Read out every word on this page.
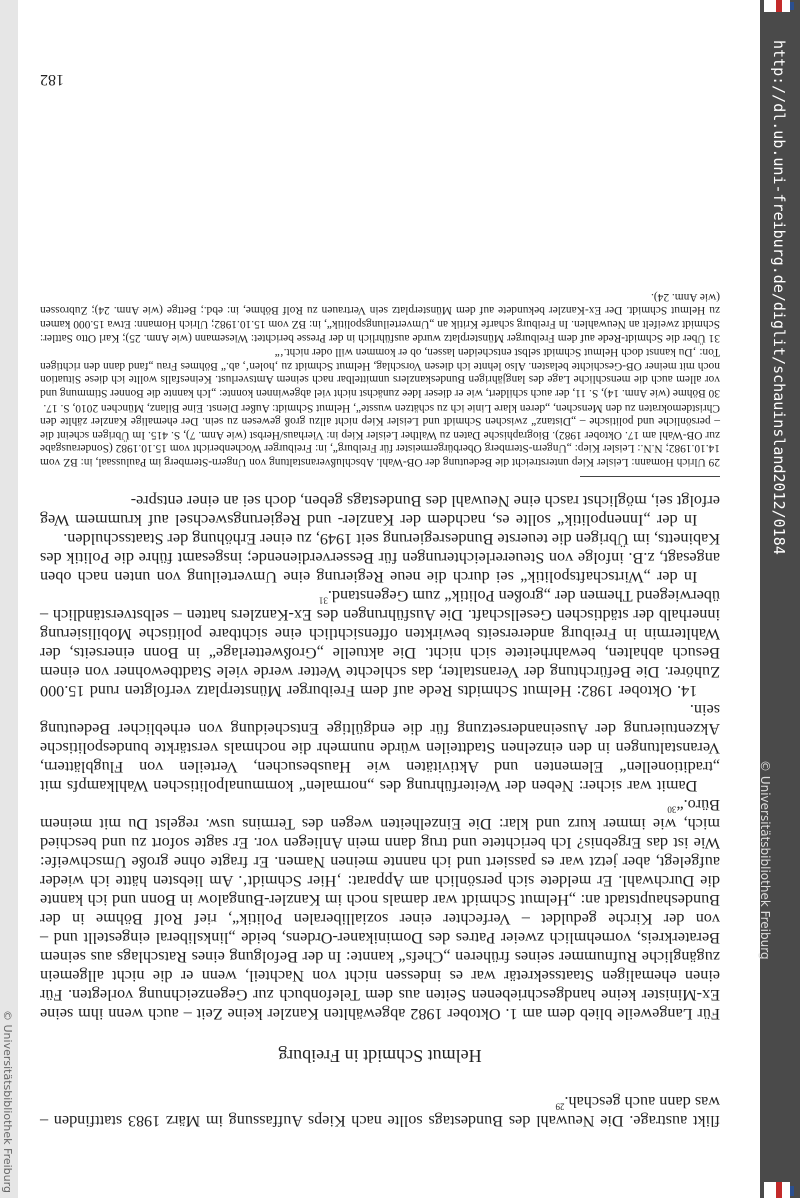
http://dl.ub.uni-freiburg.de/diglit/schauinsland2012/0184
© Universitätsbibliothek Freiburg
© Universitätsbibliothek Freiburg flikt austrage. Die Neuwahl des Bundestags sollte nach Kieps Auffassung im März 1983 stattfinden – was dann auch geschah.$^{29}$

Helmut Schmidt in Freiburg

Für Langeweile blieb dem am 1. Oktober 1982 abgewählten Kanzler keine Zeit – auch wenn ihm seine Ex-Minister keine handgeschriebenen Seiten aus dem Telefonbuch zur Gegenzeichnung vorlegten. Für einen ehemaligen Staatssekretär war es indessen nicht von Nachteil, wenn er die nicht allgemein zugängliche Rufnummer seines früheren „Chefs“ kannte: In der Befolgung eines Ratschlags aus seinem Beraterkreis, vornehmlich zweier Patres des Dominikaner-Ordens, beide „linksliberal eingestellt und – von der Kirche geduldet – Verfechter einer sozialliberalen Politik“, rief Rolf Böhme in der Bundeshauptstadt an: „Helmut Schmidt war damals noch im Kanzler-Bungalow in Bonn und ich kannte die Durchwahl. Er meldete sich persönlich am Apparat: ‚Hier Schmidt‘. Am liebsten hätte ich wieder aufgelegt, aber jetzt war es passiert und ich nannte meinen Namen. Er fragte ohne große Umschweife: Wie ist das Ergebnis? Ich berichtete und trug dann mein Anliegen vor. Er sagte sofort zu und beschied mich, wie immer kurz und klar: Die Einzelheiten wegen des Termins usw. regelst Du mit meinem Büro.“$^{30}$

Damit war sicher: Neben der Weiterführung des „normalen“ kommunalpolitischen Wahlkampfs mit „traditionellen“ Elementen und Aktivitäten wie Hausbesuchen, Verteilen von Flugblättern, Veranstaltungen in den einzelnen Stadtteilen würde nunmehr die nochmals verstärkte bundespolitische Akzentuierung der Auseinandersetzung für die endgültige Entscheidung von erheblicher Bedeutung sein.

14. Oktober 1982: Helmut Schmidts Rede auf dem Freiburger Münsterplatz verfolgten rund 15.000 Zuhörer. Die Befürchtung der Veranstalter, das schlechte Wetter werde viele Stadtbewohner von einem Besuch abhalten, bewahrheitete sich nicht. Die aktuelle „Großwetterlage“ in Bonn einerseits, der Wahltermin in Freiburg andererseits bewirkten offensichtlich eine sichtbare politische Mobilisierung innerhalb der städtischen Gesellschaft. Die Ausführungen des Ex-Kanzlers hatten – selbstverständlich – überwiegend Themen der „großen Politik“ zum Gegenstand.$^{31}$

In der „Wirtschaftspolitik“ sei durch die neue Regierung eine Umverteilung von unten nach oben angesagt, z.B. infolge von Steuererleichterungen für Besserverdienende; insgesamt führe die Politik des Kabinetts, im Übrigen die teuerste Bundesregierung seit 1949, zu einer Erhöhung der Staatsschulden.

In der „Innenpolitik“ sollte es, nachdem der Kanzler- und Regierungswechsel auf krummem Weg erfolgt sei, möglichst rasch eine Neuwahl des Bundestags geben, doch sei an einer entspre-

29 Ulrich Homann: Leisler Kiep unterstreicht die Bedeutung der OB-Wahl. Abschlußveranstaltung von Ungern-Sternberg im Paulussaal, in: BZ vom 14.10.1982; N.N.: Leisler Kiep: „Ungern-Sternberg Oberbürgermeister für Freiburg“, in: Freiburger Wochenbericht vom 15.10.1982 (Sonderausgabe zur OB-Wahl am 17. Oktober 1982). Biographische Daten zu Walther Leisler Kiep in: Vierhaus/Herbst (wie Anm. 7), S. 415. Im Übrigen scheint die – persönliche und politische – „Distanz“ zwischen Schmidt und Leisler Kiep nicht allzu groß gewesen zu sein. Der ehemalige Kanzler zählte den Christdemokraten zu den Menschen, „deren klare Linie ich zu schätzen wusste“, Helmut Schmidt: Außer Dienst. Eine Bilanz, München 2010, S. 17.

30 Böhme (wie Anm. 14), S. 11, der auch schildert, wie er dieser Idee zunächst nicht viel abgewinnen konnte: „Ich kannte die Bonner Stimmung und vor allem auch die menschliche Lage des langjährigen Bundeskanzlers unmittelbar nach seinem Amtsverlust. Keinesfalls wollte ich diese Situation noch mit meiner OB-Geschichte belasten. Also lehnte ich diesen Vorschlag, Helmut Schmidt zu ‚holen‘, ab.“ Böhmes Frau „fand dann den richtigen Ton: ‚Du kannst doch Helmut Schmidt selbst entscheiden lassen, ob er kommen will oder nicht.‘“

31 Über die Schmidt-Rede auf dem Freiburger Münsterplatz wurde ausführlich in der Presse berichtet: Wiesemann (wie Anm. 25); Karl Otto Sattler: Schmidt zweifelt an Neuwahlen. In Freiburg scharfe Kritik an „Umverteilungspolitik“, in: BZ vom 15.10.1982; Ulrich Homann: Etwa 15.000 kamen zu Helmut Schmidt. Der Ex-Kanzler bekundete auf dem Münsterplatz sein Vertrauen zu Rolf Böhme, in: ebd.; Bettge (wie Anm. 24); Zubrossen (wie Anm. 24).

182
